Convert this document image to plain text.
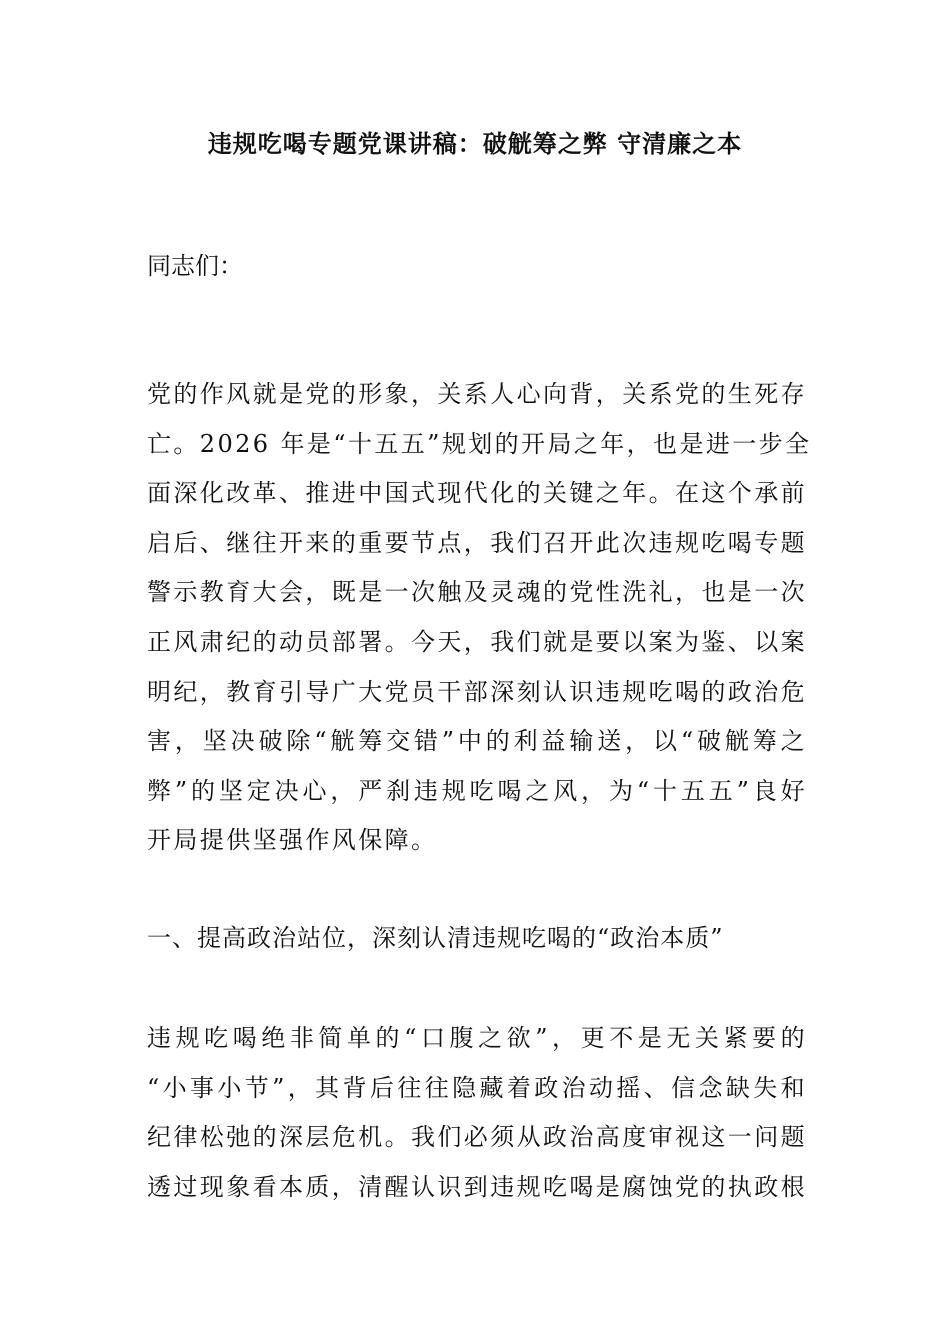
违规吃喝专题党课讲稿：破觥筹之弊 守清廉之本
同志们：
党的作风就是党的形象，关系人心向背，关系党的生死存
亡。2026 年是“十五五”规划的开局之年，也是进一步全
面深化改革、推进中国式现代化的关键之年。在这个承前
启后、继往开来的重要节点，我们召开此次违规吃喝专题
警示教育大会，既是一次触及灵魂的党性洗礼，也是一次
正风肃纪的动员部署。今天，我们就是要以案为鉴、以案
明纪，教育引导广大党员干部深刻认识违规吃喝的政治危
害，坚决破除“觥筹交错”中的利益输送，以“破觥筹之
弊”的坚定决心，严刹违规吃喝之风，为“十五五”良好
开局提供坚强作风保障。
一、提高政治站位，深刻认清违规吃喝的“政治本质”
违规吃喝绝非简单的“口腹之欲”，更不是无关紧要的
“小事小节”，其背后往往隐藏着政治动摇、信念缺失和
纪律松弛的深层危机。我们必须从政治高度审视这一问题
透过现象看本质，清醒认识到违规吃喝是腐蚀党的执政根
